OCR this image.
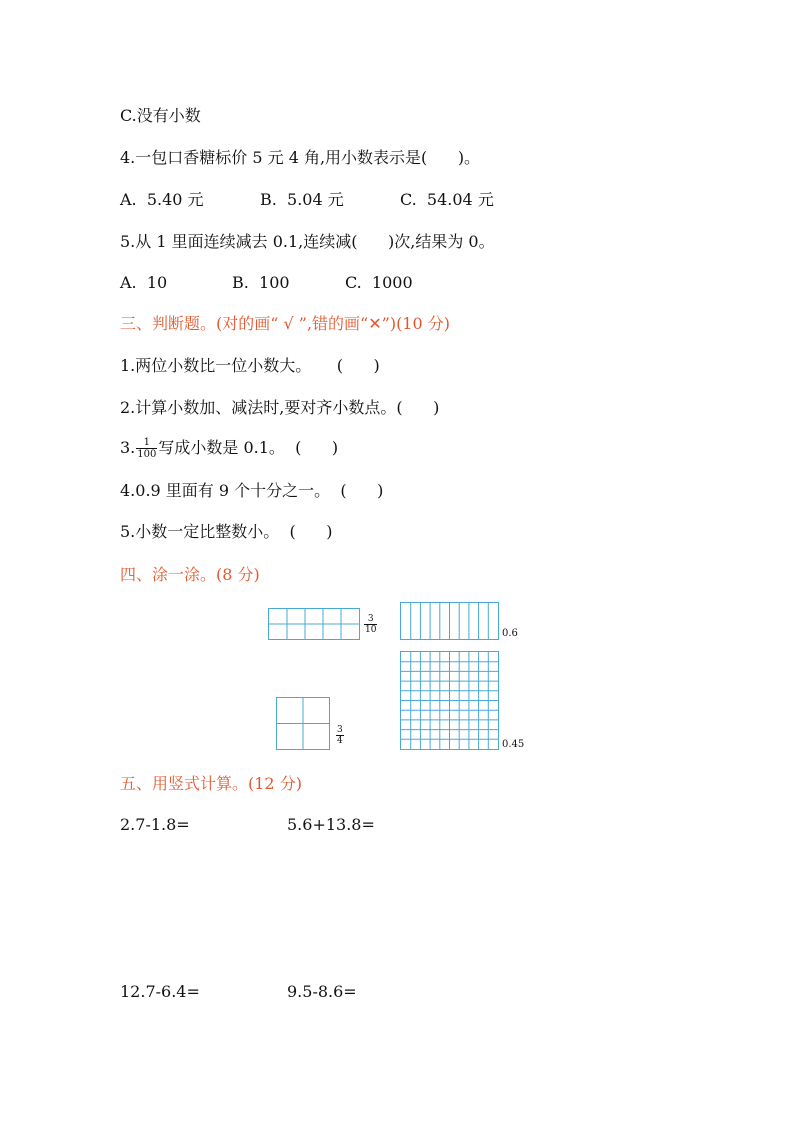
C.没有小数
4.一包口香糖标价 5 元 4 角,用小数表示是(      )。
A.  5.40 元	B.  5.04 元	C.  54.04 元
5.从 1 里面连续减去 0.1,连续减(      )次,结果为 0。
A.  10	B.  100	C.  1000
三、判断题。(对的画“ √ ”,错的画“✕”)(10 分)
1.两位小数比一位小数大。     (      )
2.计算小数加、减法时,要对齐小数点。(      )
3. $\frac{1}{100}$ 写成小数是 0.1。  (      )
4.0.9 里面有 9 个十分之一。  (      )
5.小数一定比整数小。  (      )
四、涂一涂。(8 分)
$\frac{3}{10}$	0.6
$\frac{3}{4}$	0.45
五、用竖式计算。(12 分)
2.7-1.8=	5.6+13.8=
12.7-6.4=	9.5-8.6=
